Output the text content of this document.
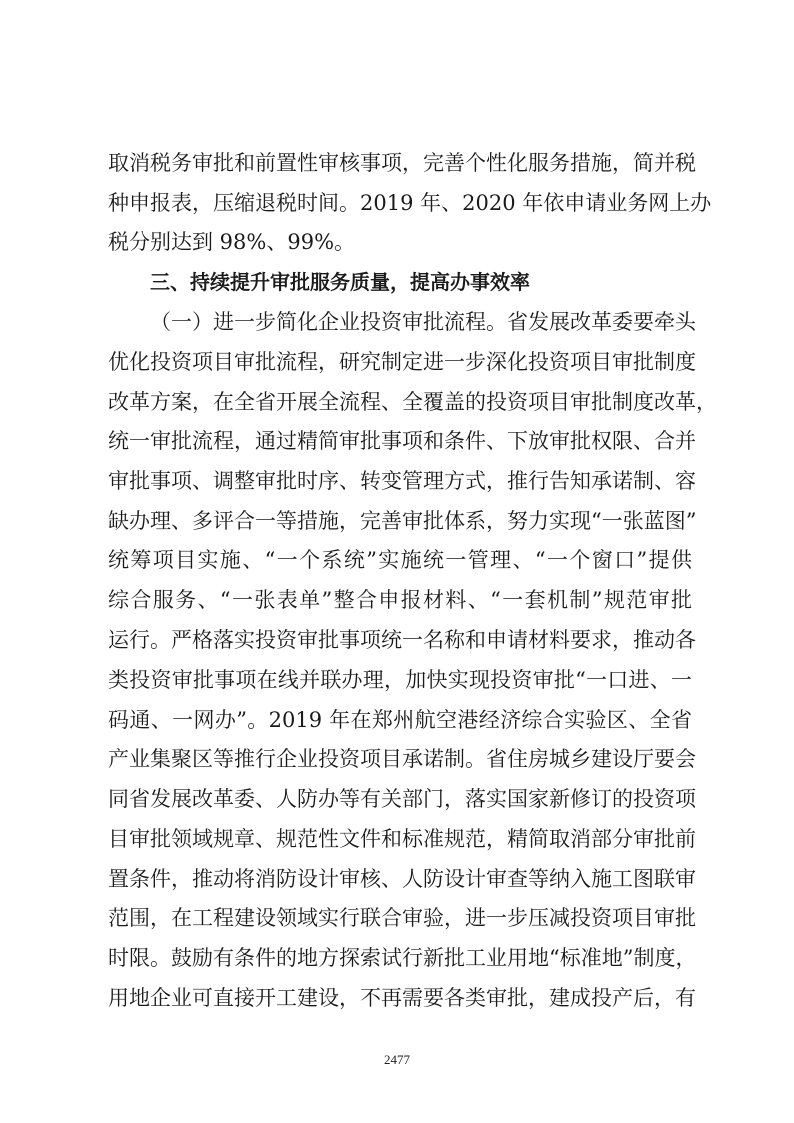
取消税务审批和前置性审核事项，完善个性化服务措施，简并税
种申报表，压缩退税时间。2019 年、2020 年依申请业务网上办
税分别达到 98%、99%。
三、持续提升审批服务质量，提高办事效率
（一）进一步简化企业投资审批流程。省发展改革委要牵头
优化投资项目审批流程，研究制定进一步深化投资项目审批制度
改革方案，在全省开展全流程、全覆盖的投资项目审批制度改革，
统一审批流程，通过精简审批事项和条件、下放审批权限、合并
审批事项、调整审批时序、转变管理方式，推行告知承诺制、容
缺办理、多评合一等措施，完善审批体系，努力实现“一张蓝图”
统筹项目实施、“一个系统”实施统一管理、“一个窗口”提供
综合服务、“一张表单”整合申报材料、“一套机制”规范审批
运行。严格落实投资审批事项统一名称和申请材料要求，推动各
类投资审批事项在线并联办理，加快实现投资审批“一口进、一
码通、一网办”。2019 年在郑州航空港经济综合实验区、全省
产业集聚区等推行企业投资项目承诺制。省住房城乡建设厅要会
同省发展改革委、人防办等有关部门，落实国家新修订的投资项
目审批领域规章、规范性文件和标准规范，精简取消部分审批前
置条件，推动将消防设计审核、人防设计审查等纳入施工图联审
范围，在工程建设领域实行联合审验，进一步压减投资项目审批
时限。鼓励有条件的地方探索试行新批工业用地“标准地”制度，
用地企业可直接开工建设，不再需要各类审批，建成投产后，有
2477
